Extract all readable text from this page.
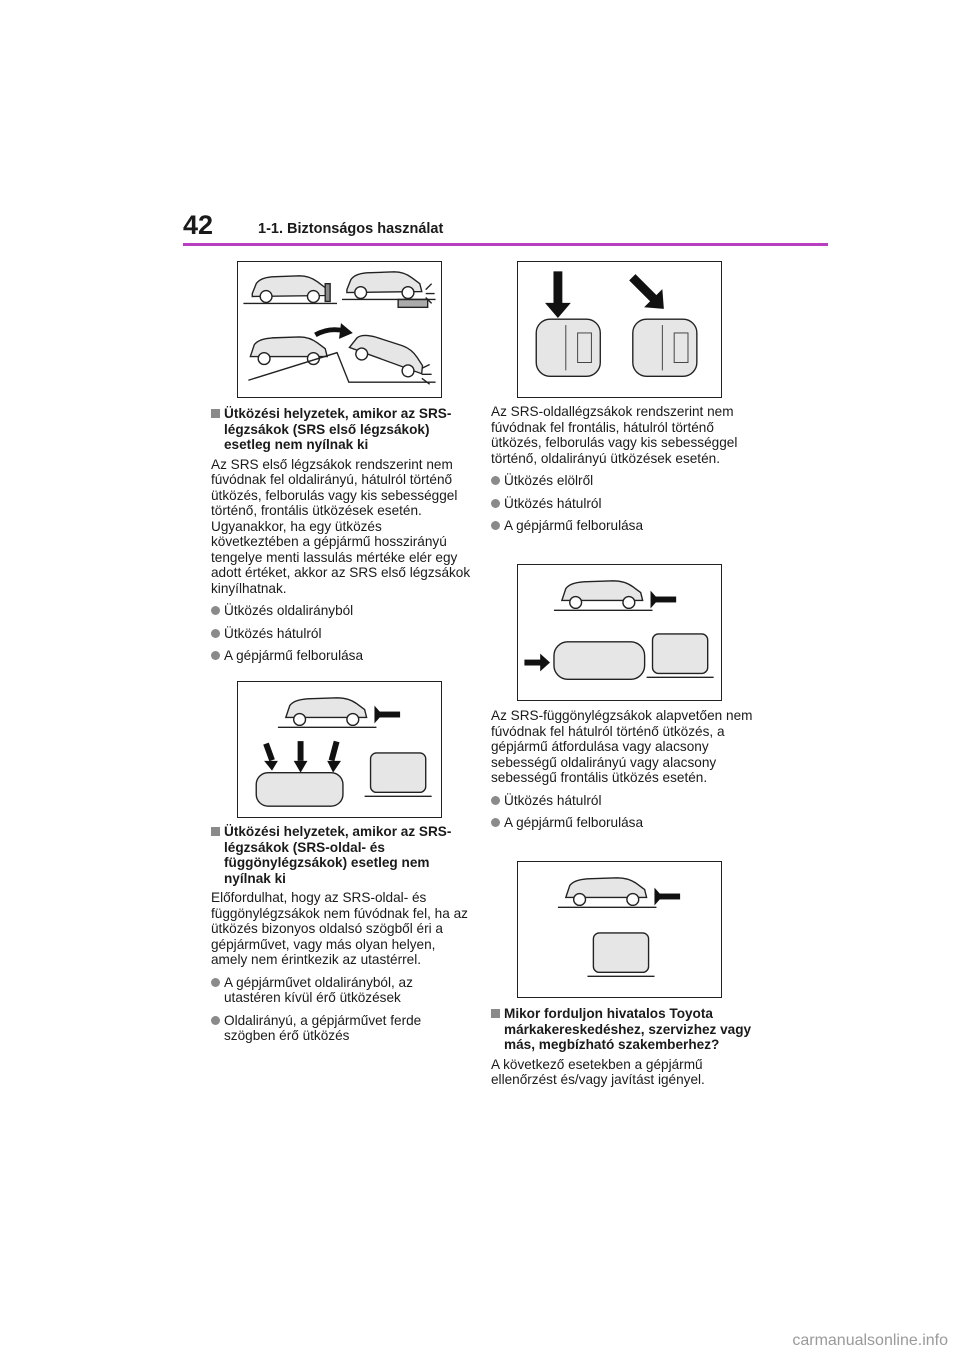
42	1-1. Biztonságos használat
Ütközési helyzetek, amikor az SRS-légzsákok (SRS első légzsákok) esetleg nem nyílnak ki
Az SRS első légzsákok rendszerint nem fúvódnak fel oldalirányú, hátulról történő ütközés, felborulás vagy kis sebességgel történő, frontális ütközések esetén. Ugyanakkor, ha egy ütközés következtében a gépjármű hosszirányú tengelye menti lassulás mértéke elér egy adott értéket, akkor az SRS első légzsákok kinyílhatnak.
Ütközés oldalirányból
Ütközés hátulról
A gépjármű felborulása
Ütközési helyzetek, amikor az SRS-légzsákok (SRS-oldal- és függönylégzsákok) esetleg nem nyílnak ki
Előfordulhat, hogy az SRS-oldal- és függönylégzsákok nem fúvódnak fel, ha az ütközés bizonyos oldalsó szögből éri a gépjárművet, vagy más olyan helyen, amely nem érintkezik az utastérrel.
A gépjárművet oldalirányból, az utastéren kívül érő ütközések
Oldalirányú, a gépjárművet ferde szögben érő ütközés
Az SRS-oldallégzsákok rendszerint nem fúvódnak fel frontális, hátulról történő ütközés, felborulás vagy kis sebességgel történő, oldalirányú ütközések esetén.
Ütközés elölről
Ütközés hátulról
A gépjármű felborulása
Az SRS-függönylégzsákok alapvetően nem fúvódnak fel hátulról történő ütközés, a gépjármű átfordulása vagy alacsony sebességű oldalirányú vagy alacsony sebességű frontális ütközés esetén.
Ütközés hátulról
A gépjármű felborulása
Mikor forduljon hivatalos Toyota márkakereskedéshez, szervizhez vagy más, megbízható szakemberhez?
A következő esetekben a gépjármű ellenőrzést és/vagy javítást igényel.
carmanualsonline.info
